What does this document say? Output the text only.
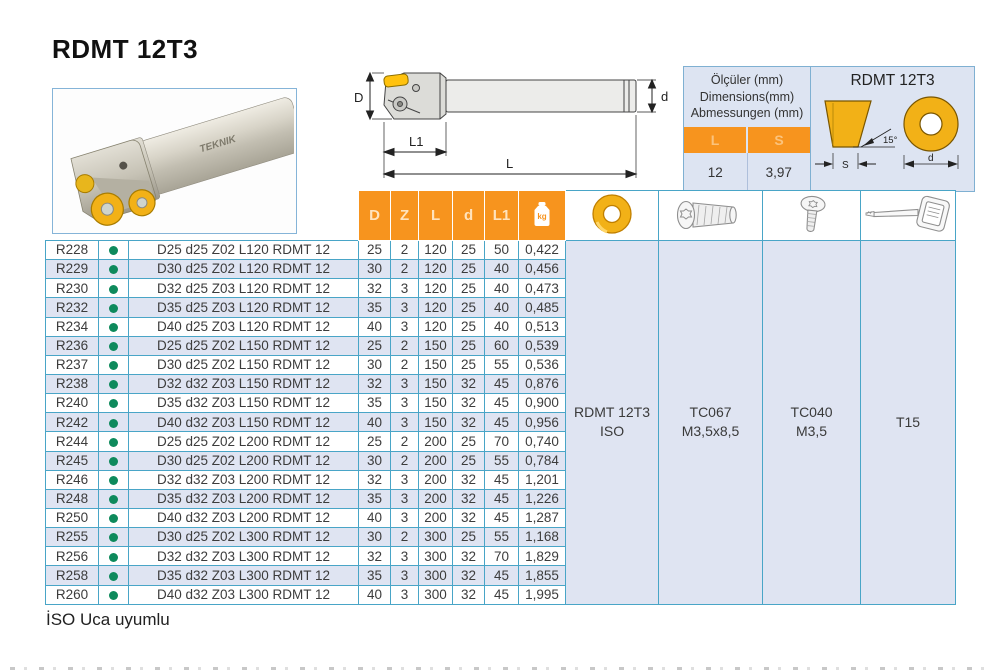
RDMT 12T3
TEKNIK
D	d
L1
L
Ölçüler (mm)
Dimensions(mm)
Abmessungen (mm)
L	S
12	3,97
RDMT 12T3
15°
S
d
			D	Z	L	d	L1	kg

R228		D25 d25 Z02 L120 RDMT 12	25	2	120	25	50	0,422	
RDMT 12T3
ISO

TC067
M3,5x8,5

TC040
M3,5

T15

R229		D30 d25 Z02 L120 RDMT 12	30	2	120	25	40	0,456				
R230		D32 d25 Z03 L120 RDMT 12	32	3	120	25	40	0,473				
R232		D35 d25 Z03 L120 RDMT 12	35	3	120	25	40	0,485				
R234		D40 d25 Z03 L120 RDMT 12	40	3	120	25	40	0,513				
R236		D25 d25 Z02 L150 RDMT 12	25	2	150	25	60	0,539				
R237		D30 d25 Z02 L150 RDMT 12	30	2	150	25	55	0,536				
R238		D32 d32 Z03 L150 RDMT 12	32	3	150	32	45	0,876				
R240		D35 d32 Z03 L150 RDMT 12	35	3	150	32	45	0,900				
R242		D40 d32 Z03 L150 RDMT 12	40	3	150	32	45	0,956				
R244		D25 d25 Z02 L200 RDMT 12	25	2	200	25	70	0,740				
R245		D30 d25 Z02 L200 RDMT 12	30	2	200	25	55	0,784				
R246		D32 d32 Z03 L200 RDMT 12	32	3	200	32	45	1,201				
R248		D35 d32 Z03 L200 RDMT 12	35	3	200	32	45	1,226				
R250		D40 d32 Z03 L200 RDMT 12	40	3	200	32	45	1,287				
R255		D30 d25 Z02 L300 RDMT 12	30	2	300	25	55	1,168				
R256		D32 d32 Z03 L300 RDMT 12	32	3	300	32	70	1,829				
R258		D35 d32 Z03 L300 RDMT 12	35	3	300	32	45	1,855				
R260		D40 d32 Z03 L300 RDMT 12	40	3	300	32	45	1,995				
İSO Uca uyumlu
